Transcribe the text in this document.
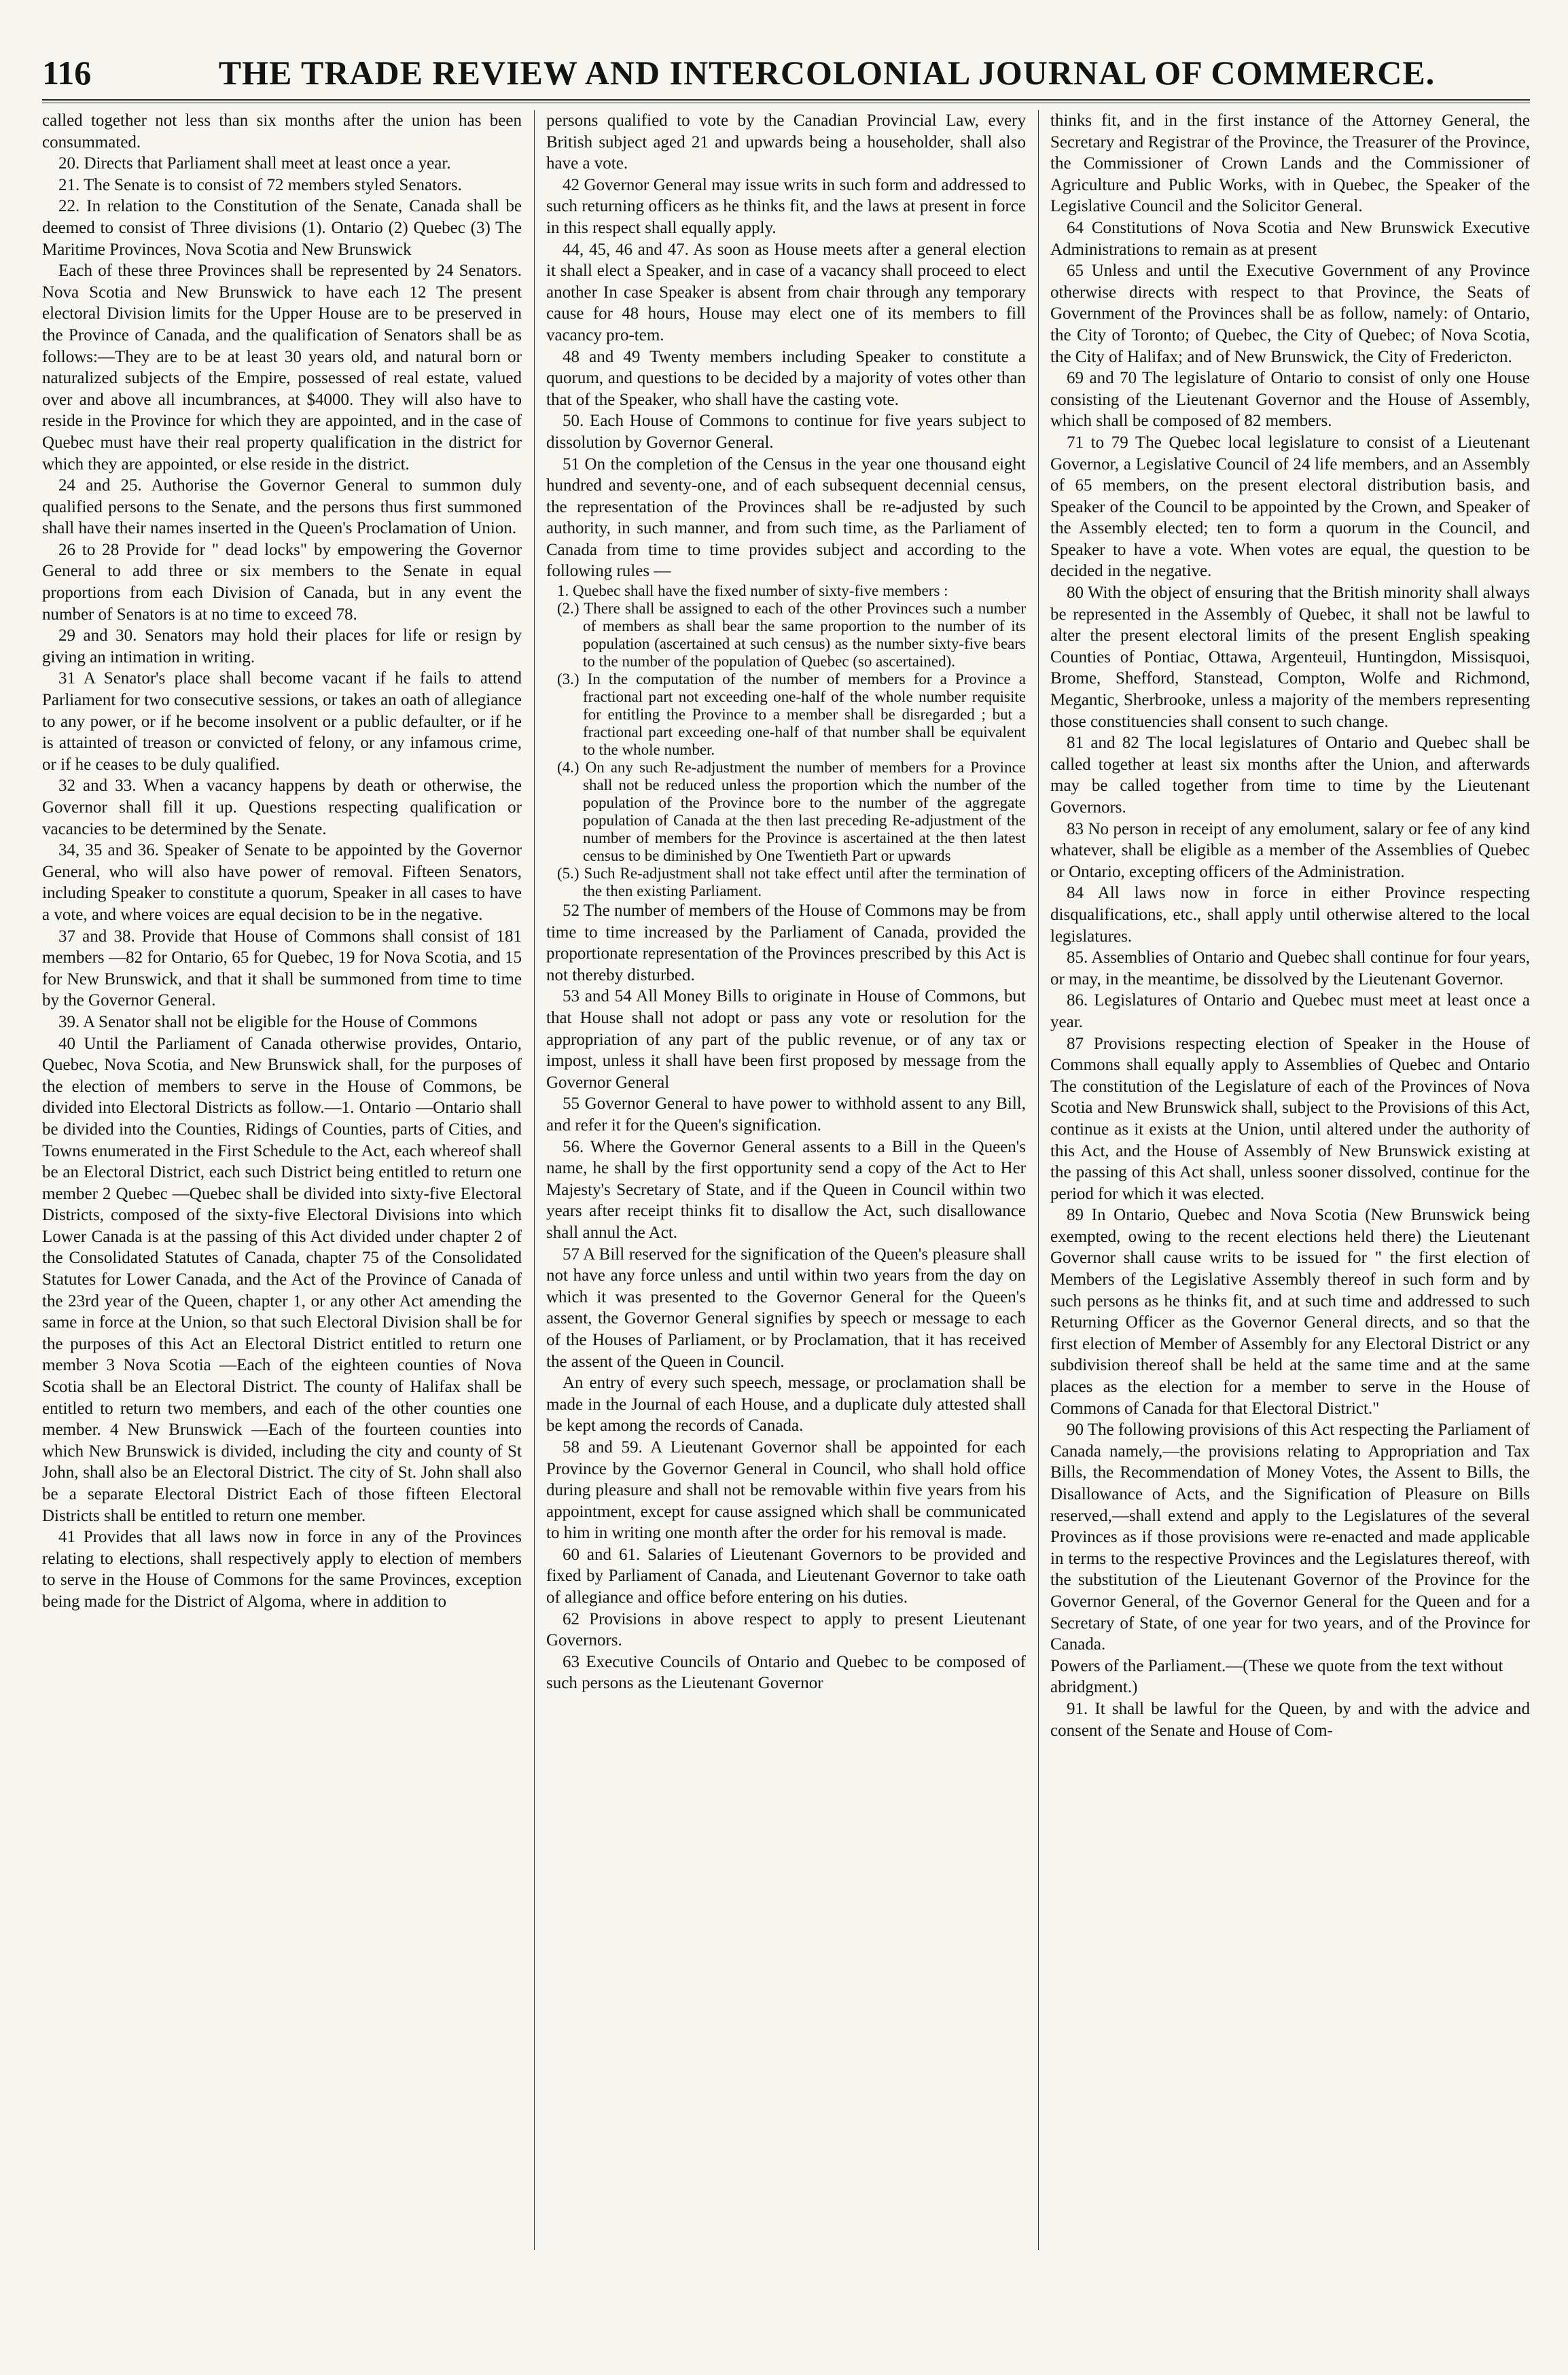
116	THE TRADE REVIEW AND INTERCOLONIAL JOURNAL OF COMMERCE.

called together not less than six months after the union has been consummated.

20. Directs that Parliament shall meet at least once a year.

21. The Senate is to consist of 72 members styled Senators.

22. In relation to the Constitution of the Senate, Canada shall be deemed to consist of Three divisions (1). Ontario (2) Quebec (3) The Maritime Provinces, Nova Scotia and New Brunswick

Each of these three Provinces shall be represented by 24 Senators. Nova Scotia and New Brunswick to have each 12 The present electoral Division limits for the Upper House are to be preserved in the Province of Canada, and the qualification of Senators shall be as follows:—They are to be at least 30 years old, and natural born or naturalized subjects of the Empire, possessed of real estate, valued over and above all incumbrances, at $4000. They will also have to reside in the Province for which they are appointed, and in the case of Quebec must have their real property qualification in the district for which they are appointed, or else reside in the district.

24 and 25. Authorise the Governor General to summon duly qualified persons to the Senate, and the persons thus first summoned shall have their names inserted in the Queen's Proclamation of Union.

26 to 28 Provide for " dead locks" by empowering the Governor General to add three or six members to the Senate in equal proportions from each Division of Canada, but in any event the number of Senators is at no time to exceed 78.

29 and 30. Senators may hold their places for life or resign by giving an intimation in writing.

31 A Senator's place shall become vacant if he fails to attend Parliament for two consecutive sessions, or takes an oath of allegiance to any power, or if he become insolvent or a public defaulter, or if he is attainted of treason or convicted of felony, or any infamous crime, or if he ceases to be duly qualified.

32 and 33. When a vacancy happens by death or otherwise, the Governor shall fill it up. Questions respecting qualification or vacancies to be determined by the Senate.

34, 35 and 36. Speaker of Senate to be appointed by the Governor General, who will also have power of removal. Fifteen Senators, including Speaker to constitute a quorum, Speaker in all cases to have a vote, and where voices are equal decision to be in the negative.

37 and 38. Provide that House of Commons shall consist of 181 members —82 for Ontario, 65 for Quebec, 19 for Nova Scotia, and 15 for New Brunswick, and that it shall be summoned from time to time by the Governor General.

39. A Senator shall not be eligible for the House of Commons

40 Until the Parliament of Canada otherwise provides, Ontario, Quebec, Nova Scotia, and New Brunswick shall, for the purposes of the election of members to serve in the House of Commons, be divided into Electoral Districts as follow.—1. Ontario —Ontario shall be divided into the Counties, Ridings of Counties, parts of Cities, and Towns enumerated in the First Schedule to the Act, each whereof shall be an Electoral District, each such District being entitled to return one member 2 Quebec —Quebec shall be divided into sixty-five Electoral Districts, composed of the sixty-five Electoral Divisions into which Lower Canada is at the passing of this Act divided under chapter 2 of the Consolidated Statutes of Canada, chapter 75 of the Consolidated Statutes for Lower Canada, and the Act of the Province of Canada of the 23rd year of the Queen, chapter 1, or any other Act amending the same in force at the Union, so that such Electoral Division shall be for the purposes of this Act an Electoral District entitled to return one member 3 Nova Scotia —Each of the eighteen counties of Nova Scotia shall be an Electoral District. The county of Halifax shall be entitled to return two members, and each of the other counties one member. 4 New Brunswick —Each of the fourteen counties into which New Brunswick is divided, including the city and county of St John, shall also be an Electoral District. The city of St. John shall also be a separate Electoral District Each of those fifteen Electoral Districts shall be entitled to return one member.

41 Provides that all laws now in force in any of the Provinces relating to elections, shall respectively apply to election of members to serve in the House of Commons for the same Provinces, exception being made for the District of Algoma, where in addition to

persons qualified to vote by the Canadian Provincial Law, every British subject aged 21 and upwards being a householder, shall also have a vote.

42 Governor General may issue writs in such form and addressed to such returning officers as he thinks fit, and the laws at present in force in this respect shall equally apply.

44, 45, 46 and 47. As soon as House meets after a general election it shall elect a Speaker, and in case of a vacancy shall proceed to elect another In case Speaker is absent from chair through any temporary cause for 48 hours, House may elect one of its members to fill vacancy pro-tem.

48 and 49 Twenty members including Speaker to constitute a quorum, and questions to be decided by a majority of votes other than that of the Speaker, who shall have the casting vote.

50. Each House of Commons to continue for five years subject to dissolution by Governor General.

51 On the completion of the Census in the year one thousand eight hundred and seventy-one, and of each subsequent decennial census, the representation of the Provinces shall be re-adjusted by such authority, in such manner, and from such time, as the Parliament of Canada from time to time provides subject and according to the following rules —

1. Quebec shall have the fixed number of sixty-five members :

(2.) There shall be assigned to each of the other Provinces such a number of members as shall bear the same proportion to the number of its population (ascertained at such census) as the number sixty-five bears to the number of the population of Quebec (so ascertained).

(3.) In the computation of the number of members for a Province a fractional part not exceeding one-half of the whole number requisite for entitling the Province to a member shall be disregarded ; but a fractional part exceeding one-half of that number shall be equivalent to the whole number.

(4.) On any such Re-adjustment the number of members for a Province shall not be reduced unless the proportion which the number of the population of the Province bore to the number of the aggregate population of Canada at the then last preceding Re-adjustment of the number of members for the Province is ascertained at the then latest census to be diminished by One Twentieth Part or upwards

(5.) Such Re-adjustment shall not take effect until after the termination of the then existing Parliament.

52 The number of members of the House of Commons may be from time to time increased by the Parliament of Canada, provided the proportionate representation of the Provinces prescribed by this Act is not thereby disturbed.

53 and 54 All Money Bills to originate in House of Commons, but that House shall not adopt or pass any vote or resolution for the appropriation of any part of the public revenue, or of any tax or impost, unless it shall have been first proposed by message from the Governor General

55 Governor General to have power to withhold assent to any Bill, and refer it for the Queen's signification.

56. Where the Governor General assents to a Bill in the Queen's name, he shall by the first opportunity send a copy of the Act to Her Majesty's Secretary of State, and if the Queen in Council within two years after receipt thinks fit to disallow the Act, such disallowance shall annul the Act.

57 A Bill reserved for the signification of the Queen's pleasure shall not have any force unless and until within two years from the day on which it was presented to the Governor General for the Queen's assent, the Governor General signifies by speech or message to each of the Houses of Parliament, or by Proclamation, that it has received the assent of the Queen in Council.

An entry of every such speech, message, or proclamation shall be made in the Journal of each House, and a duplicate duly attested shall be kept among the records of Canada.

58 and 59. A Lieutenant Governor shall be appointed for each Province by the Governor General in Council, who shall hold office during pleasure and shall not be removable within five years from his appointment, except for cause assigned which shall be communicated to him in writing one month after the order for his removal is made.

60 and 61. Salaries of Lieutenant Governors to be provided and fixed by Parliament of Canada, and Lieutenant Governor to take oath of allegiance and office before entering on his duties.

62 Provisions in above respect to apply to present Lieutenant Governors.

63 Executive Councils of Ontario and Quebec to be composed of such persons as the Lieutenant Governor

thinks fit, and in the first instance of the Attorney General, the Secretary and Registrar of the Province, the Treasurer of the Province, the Commissioner of Crown Lands and the Commissioner of Agriculture and Public Works, with in Quebec, the Speaker of the Legislative Council and the Solicitor General.

64 Constitutions of Nova Scotia and New Brunswick Executive Administrations to remain as at present

65 Unless and until the Executive Government of any Province otherwise directs with respect to that Province, the Seats of Government of the Provinces shall be as follow, namely: of Ontario, the City of Toronto; of Quebec, the City of Quebec; of Nova Scotia, the City of Halifax; and of New Brunswick, the City of Fredericton.

69 and 70 The legislature of Ontario to consist of only one House consisting of the Lieutenant Governor and the House of Assembly, which shall be composed of 82 members.

71 to 79 The Quebec local legislature to consist of a Lieutenant Governor, a Legislative Council of 24 life members, and an Assembly of 65 members, on the present electoral distribution basis, and Speaker of the Council to be appointed by the Crown, and Speaker of the Assembly elected; ten to form a quorum in the Council, and Speaker to have a vote. When votes are equal, the question to be decided in the negative.

80 With the object of ensuring that the British minority shall always be represented in the Assembly of Quebec, it shall not be lawful to alter the present electoral limits of the present English speaking Counties of Pontiac, Ottawa, Argenteuil, Huntingdon, Missisquoi, Brome, Shefford, Stanstead, Compton, Wolfe and Richmond, Megantic, Sherbrooke, unless a majority of the members representing those constituencies shall consent to such change.

81 and 82 The local legislatures of Ontario and Quebec shall be called together at least six months after the Union, and afterwards may be called together from time to time by the Lieutenant Governors.

83 No person in receipt of any emolument, salary or fee of any kind whatever, shall be eligible as a member of the Assemblies of Quebec or Ontario, excepting officers of the Administration.

84 All laws now in force in either Province respecting disqualifications, etc., shall apply until otherwise altered to the local legislatures.

85. Assemblies of Ontario and Quebec shall continue for four years, or may, in the meantime, be dissolved by the Lieutenant Governor.

86. Legislatures of Ontario and Quebec must meet at least once a year.

87 Provisions respecting election of Speaker in the House of Commons shall equally apply to Assemblies of Quebec and Ontario The constitution of the Legislature of each of the Provinces of Nova Scotia and New Brunswick shall, subject to the Provisions of this Act, continue as it exists at the Union, until altered under the authority of this Act, and the House of Assembly of New Brunswick existing at the passing of this Act shall, unless sooner dissolved, continue for the period for which it was elected.

89 In Ontario, Quebec and Nova Scotia (New Brunswick being exempted, owing to the recent elections held there) the Lieutenant Governor shall cause writs to be issued for " the first election of Members of the Legislative Assembly thereof in such form and by such persons as he thinks fit, and at such time and addressed to such Returning Officer as the Governor General directs, and so that the first election of Member of Assembly for any Electoral District or any subdivision thereof shall be held at the same time and at the same places as the election for a member to serve in the House of Commons of Canada for that Electoral District."

90 The following provisions of this Act respecting the Parliament of Canada namely,—the provisions relating to Appropriation and Tax Bills, the Recommendation of Money Votes, the Assent to Bills, the Disallowance of Acts, and the Signification of Pleasure on Bills reserved,—shall extend and apply to the Legislatures of the several Provinces as if those provisions were re-enacted and made applicable in terms to the respective Provinces and the Legislatures thereof, with the substitution of the Lieutenant Governor of the Province for the Governor General, of the Governor General for the Queen and for a Secretary of State, of one year for two years, and of the Province for Canada.

Powers of the Parliament.—(These we quote from the text without abridgment.)

91. It shall be lawful for the Queen, by and with the advice and consent of the Senate and House of Com-
